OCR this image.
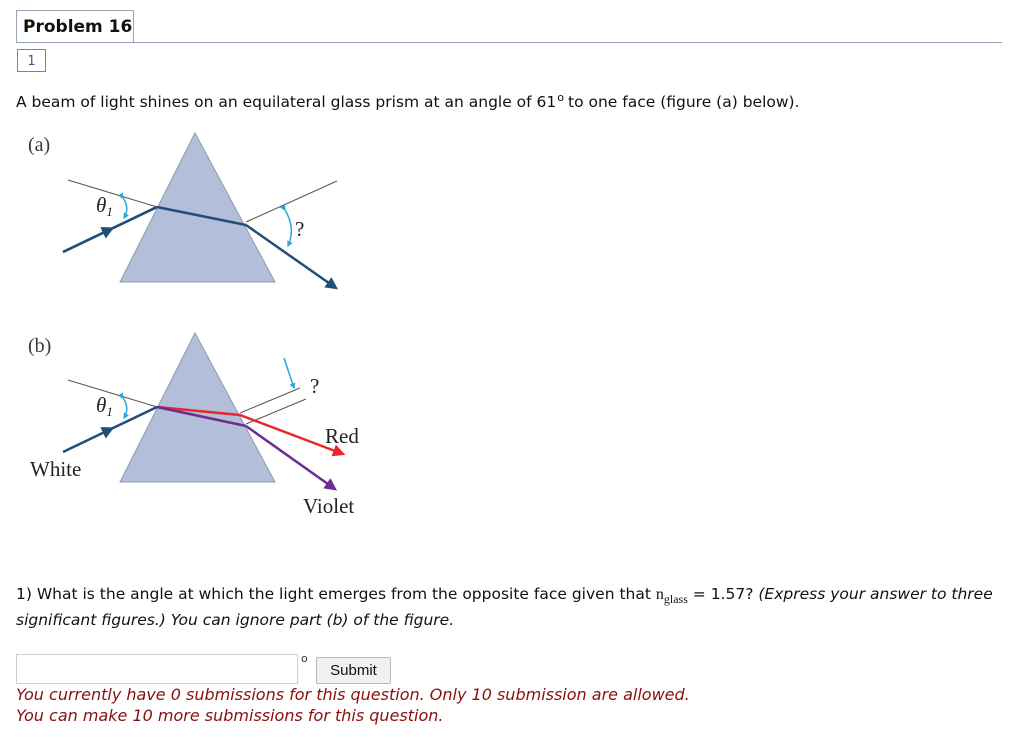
Problem 16
1
A beam of light shines on an equilateral glass prism at an angle of 61$^o$ to one face (figure (a) below).
(a)
θ1
?
(b)
θ1
?
White
Red
Violet
1) What is the angle at which the light emerges from the opposite face given that $n_{glass} = 1.57$? (Express your answer to three significant figures.) You can ignore part (b) of the figure.
o
Submit
You currently have 0 submissions for this question. Only 10 submission are allowed.
You can make 10 more submissions for this question.
